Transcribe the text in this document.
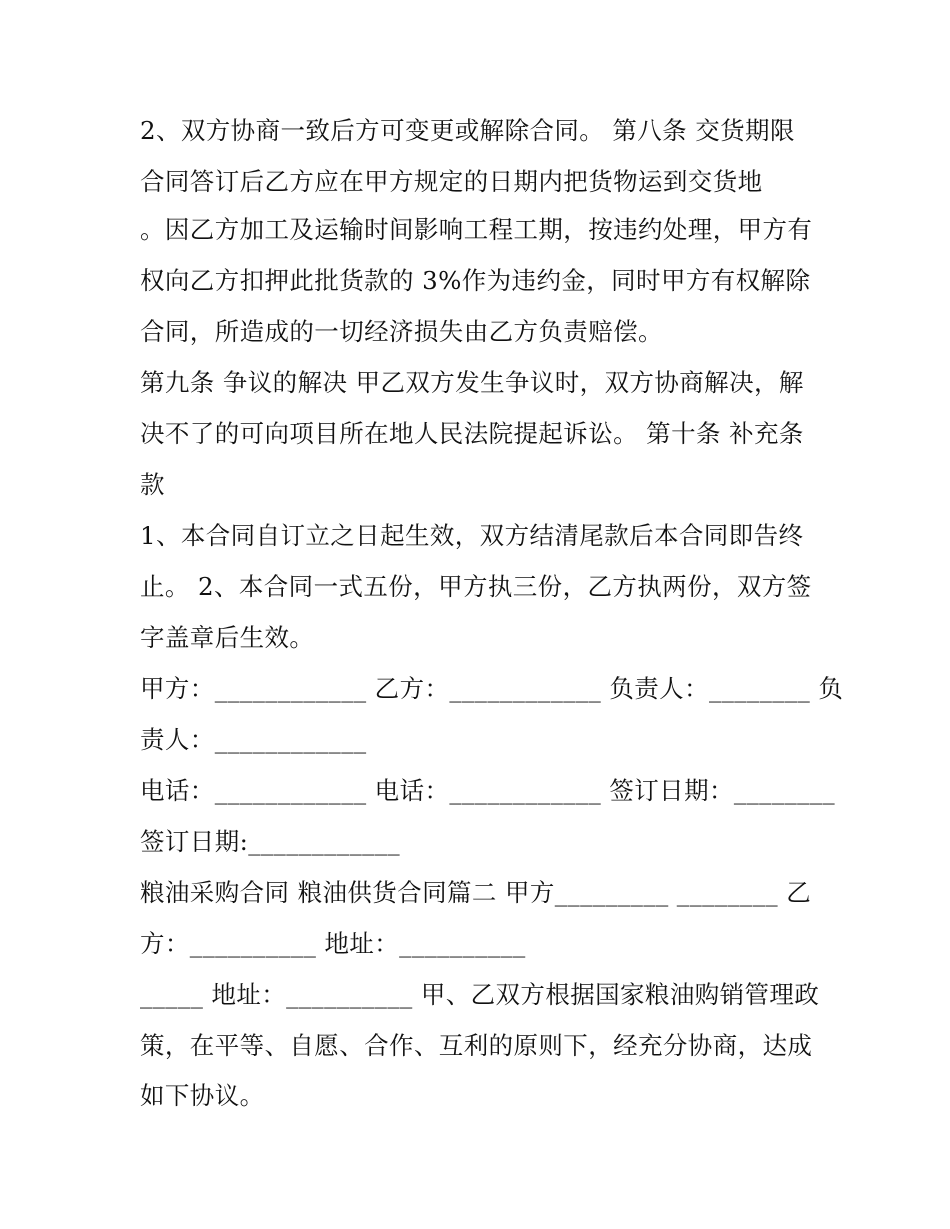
2、双方协商一致后方可变更或解除合同。 第八条 交货期限
合同答订后乙方应在甲方规定的日期内把货物运到交货地
。因乙方加工及运输时间影响工程工期，按违约处理，甲方有
权向乙方扣押此批货款的 3%作为违约金，同时甲方有权解除
合同，所造成的一切经济损失由乙方负责赔偿。
第九条 争议的解决 甲乙双方发生争议时，双方协商解决，解
决不了的可向项目所在地人民法院提起诉讼。 第十条 补充条
款
1、本合同自订立之日起生效，双方结清尾款后本合同即告终
止。 2、本合同一式五份，甲方执三份，乙方执两份，双方签
字盖章后生效。
甲方：____________ 乙方：____________ 负责人：________ 负
责人：____________
电话：____________ 电话：____________ 签订日期：________
签订日期:____________
粮油采购合同 粮油供货合同篇二 甲方_________ ________ 乙
方：__________ 地址：__________
_____ 地址：__________ 甲、乙双方根据国家粮油购销管理政
策，在平等、自愿、合作、互利的原则下，经充分协商，达成
如下协议。
